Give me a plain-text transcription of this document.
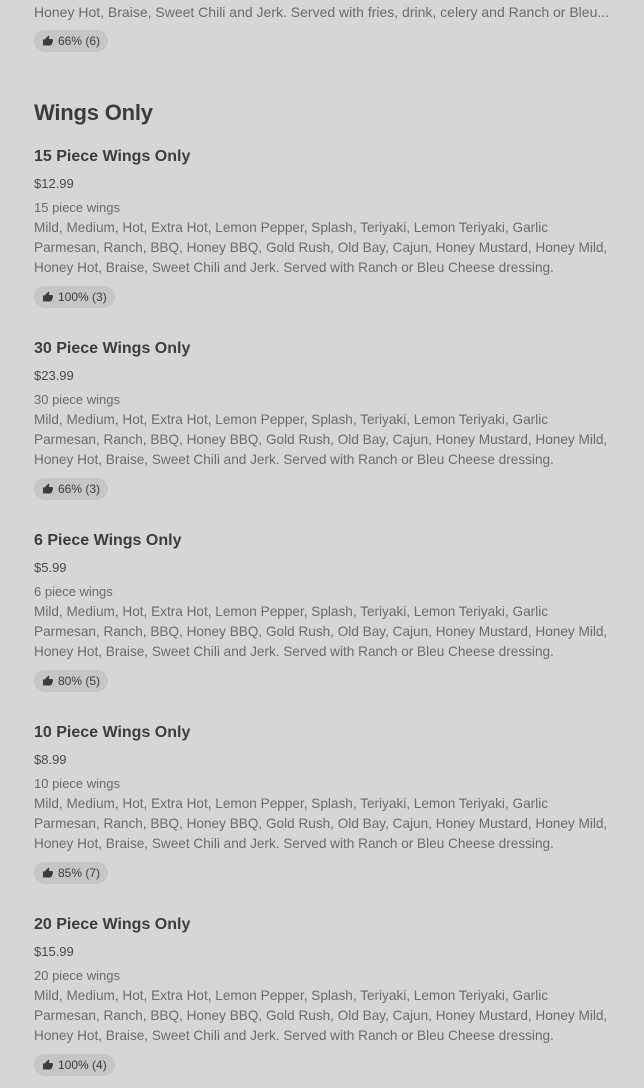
Honey Hot, Braise, Sweet Chili and Jerk. Served with fries, drink, celery and Ranch or Bleu...
66% (6)
Wings Only
15 Piece Wings Only
$12.99
15 piece wings
Mild, Medium, Hot, Extra Hot, Lemon Pepper, Splash, Teriyaki, Lemon Teriyaki, Garlic Parmesan, Ranch, BBQ, Honey BBQ, Gold Rush, Old Bay, Cajun, Honey Mustard, Honey Mild, Honey Hot, Braise, Sweet Chili and Jerk. Served with Ranch or Bleu Cheese dressing.
100% (3)
30 Piece Wings Only
$23.99
30 piece wings
Mild, Medium, Hot, Extra Hot, Lemon Pepper, Splash, Teriyaki, Lemon Teriyaki, Garlic Parmesan, Ranch, BBQ, Honey BBQ, Gold Rush, Old Bay, Cajun, Honey Mustard, Honey Mild, Honey Hot, Braise, Sweet Chili and Jerk. Served with Ranch or Bleu Cheese dressing.
66% (3)
6 Piece Wings Only
$5.99
6 piece wings
Mild, Medium, Hot, Extra Hot, Lemon Pepper, Splash, Teriyaki, Lemon Teriyaki, Garlic Parmesan, Ranch, BBQ, Honey BBQ, Gold Rush, Old Bay, Cajun, Honey Mustard, Honey Mild, Honey Hot, Braise, Sweet Chili and Jerk. Served with Ranch or Bleu Cheese dressing.
80% (5)
10 Piece Wings Only
$8.99
10 piece wings
Mild, Medium, Hot, Extra Hot, Lemon Pepper, Splash, Teriyaki, Lemon Teriyaki, Garlic Parmesan, Ranch, BBQ, Honey BBQ, Gold Rush, Old Bay, Cajun, Honey Mustard, Honey Mild, Honey Hot, Braise, Sweet Chili and Jerk. Served with Ranch or Bleu Cheese dressing.
85% (7)
20 Piece Wings Only
$15.99
20 piece wings
Mild, Medium, Hot, Extra Hot, Lemon Pepper, Splash, Teriyaki, Lemon Teriyaki, Garlic Parmesan, Ranch, BBQ, Honey BBQ, Gold Rush, Old Bay, Cajun, Honey Mustard, Honey Mild, Honey Hot, Braise, Sweet Chili and Jerk. Served with Ranch or Bleu Cheese dressing.
100% (4)
